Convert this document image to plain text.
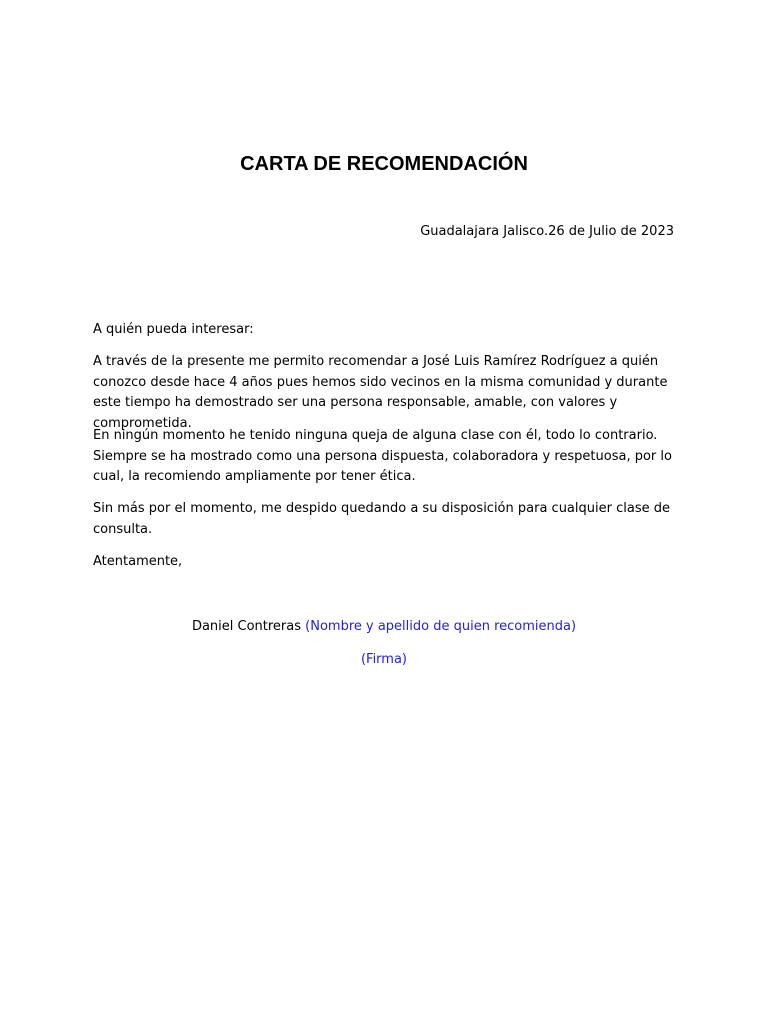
CARTA DE RECOMENDACIÓN
Guadalajara Jalisco.26 de Julio de 2023

A quién pueda interesar:

A través de la presente me permito recomendar a José Luis Ramírez Rodríguez a quién conozco desde hace 4 años pues hemos sido vecinos en la misma comunidad y durante este tiempo ha demostrado ser una persona responsable, amable, con valores y comprometida.

En ningún momento he tenido ninguna queja de alguna clase con él, todo lo contrario. Siempre se ha mostrado como una persona dispuesta, colaboradora y respetuosa, por lo cual, la recomiendo ampliamente por tener ética.

Sin más por el momento, me despido quedando a su disposición para cualquier clase de consulta.

Atentamente,

Daniel Contreras (Nombre y apellido de quien recomienda)
(Firma)
